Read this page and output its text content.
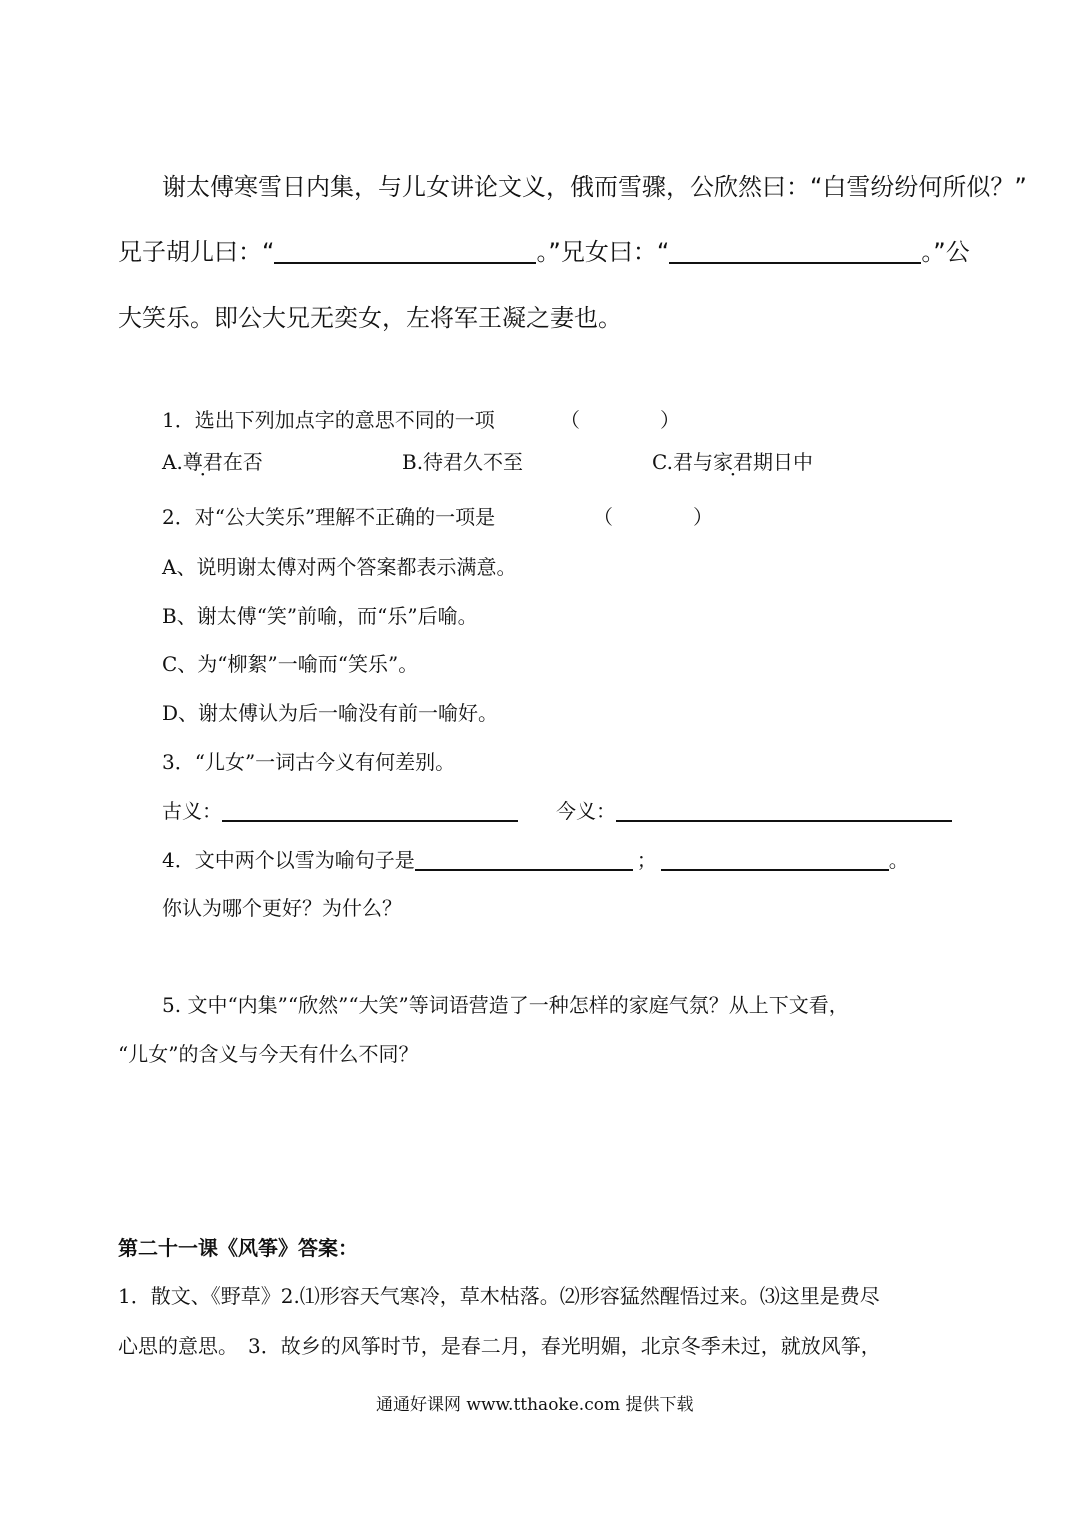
谢太傅寒雪日内集，与儿女讲论文义，俄而雪骤，公欣然曰：“白雪纷纷何所似？”
兄子胡儿曰：“	。”兄女曰：“	。”公
大笑乐。即公大兄无奕女，左将军王凝之妻也。
1．选出下列加点字的意思不同的一项	（　　　　）
A.尊君在否	B.待君久不至	C.君与家君期日中
2．对“公大笑乐”理解不正确的一项是	（　　　　）
A、说明谢太傅对两个答案都表示满意。
B、谢太傅“笑”前喻，而“乐”后喻。
C、为“柳絮”一喻而“笑乐”。
D、谢太傅认为后一喻没有前一喻好。
3．“儿女”一词古今义有何差别。
古义：	今义：
4．文中两个以雪为喻句子是	；	。
你认为哪个更好？为什么？
5. 文中“内集”“欣然”“大笑”等词语营造了一种怎样的家庭气氛？从上下文看，
“儿女”的含义与今天有什么不同？
第二十一课《风筝》答案：
1．散文、《野草》2.⑴形容天气寒冷，草木枯落。⑵形容猛然醒悟过来。⑶这里是费尽
心思的意思。　3．故乡的风筝时节，是春二月，春光明媚，北京冬季未过，就放风筝，
通通好课网 www.tthaoke.com 提供下载
